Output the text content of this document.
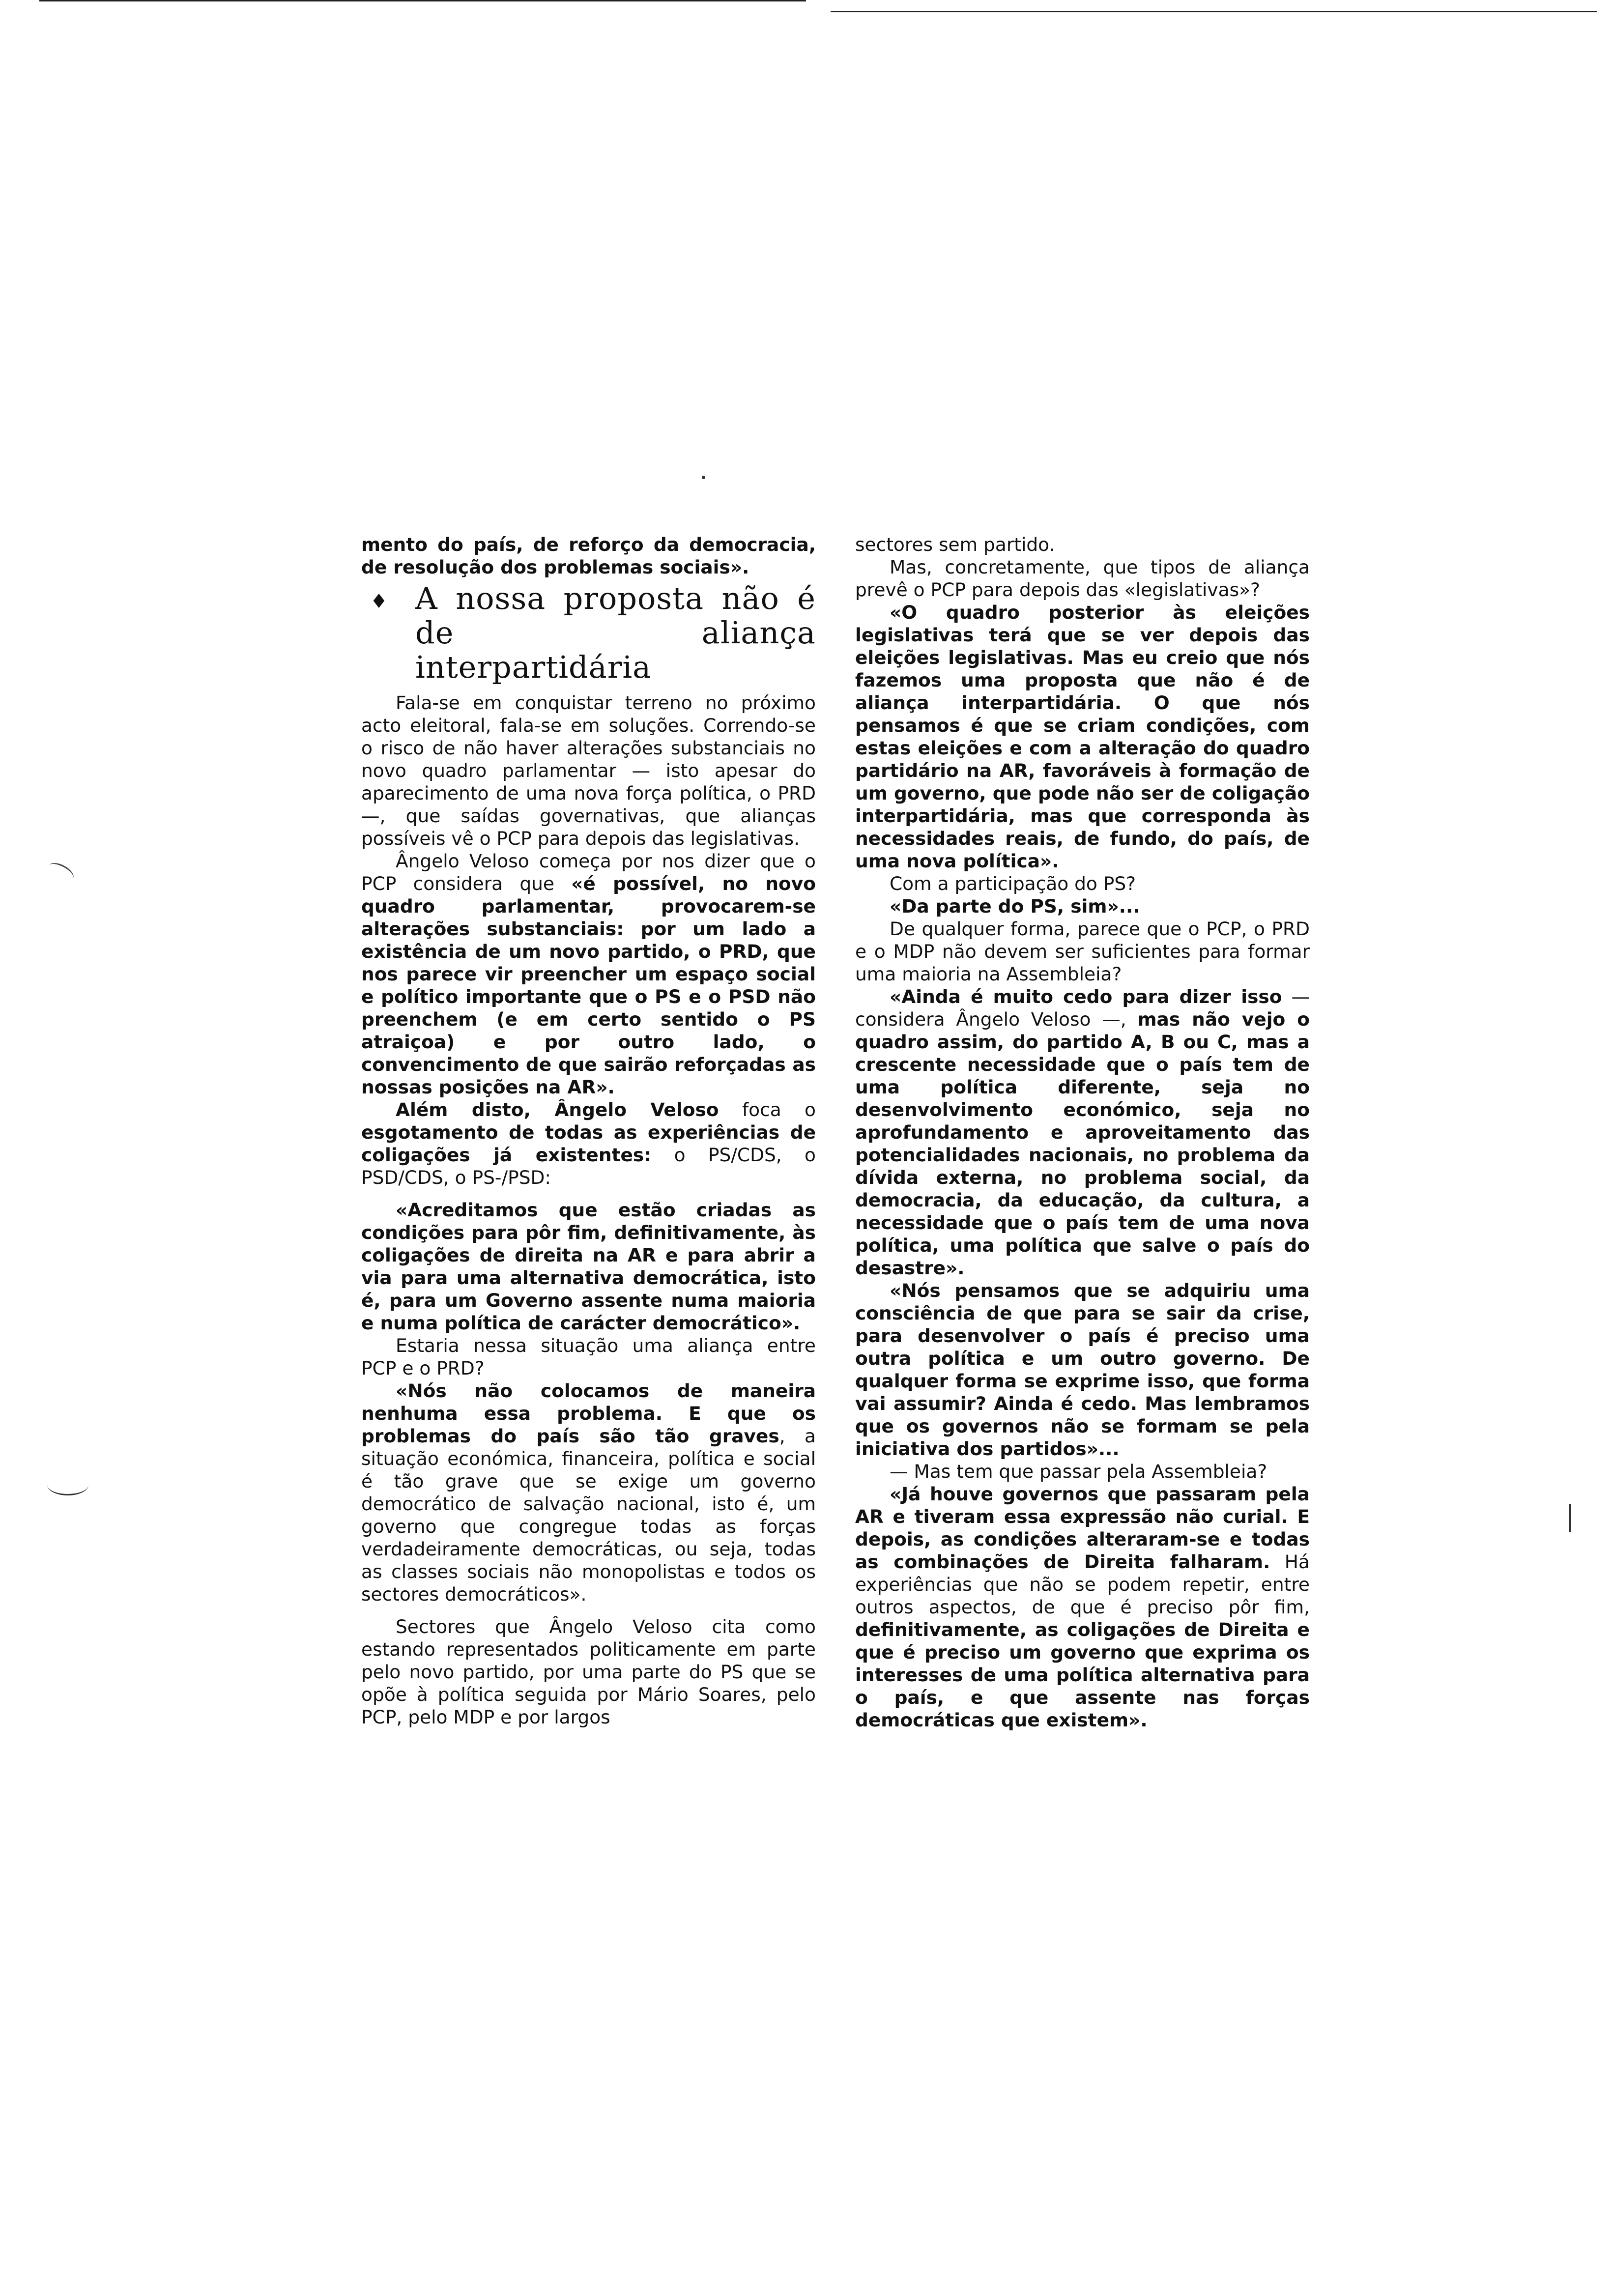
mento do país, de reforço da democracia, de resolução dos problemas sociais».

♦ A nossa proposta não é de aliança interpartidária

Fala-se em conquistar terreno no próximo acto eleitoral, fala-se em soluções. Correndo-se o risco de não haver alterações substanciais no novo quadro parlamentar — isto apesar do aparecimento de uma nova força política, o PRD —, que saídas governativas, que alianças possíveis vê o PCP para depois das legislativas.

Ângelo Veloso começa por nos dizer que o PCP considera que «é possível, no novo quadro parlamentar, provocarem-se alterações substanciais: por um lado a existência de um novo partido, o PRD, que nos parece vir preencher um espaço social e político importante que o PS e o PSD não preenchem (e em certo sentido o PS atraiçoa) e por outro lado, o convencimento de que sairão reforçadas as nossas posições na AR».

Além disto, Ângelo Veloso foca o esgotamento de todas as experiências de coligações já existentes: o PS/CDS, o PSD/CDS, o PS-/PSD:

«Acreditamos que estão criadas as condições para pôr fim, definitivamente, às coligações de direita na AR e para abrir a via para uma alternativa democrática, isto é, para um Governo assente numa maioria e numa política de carácter democrático».

Estaria nessa situação uma aliança entre PCP e o PRD?

«Nós não colocamos de maneira nenhuma essa problema. E que os problemas do país são tão graves, a situação económica, financeira, política e social é tão grave que se exige um governo democrático de salvação nacional, isto é, um governo que congregue todas as forças verdadeiramente democráticas, ou seja, todas as classes sociais não monopolistas e todos os sectores democráticos».

Sectores que Ângelo Veloso cita como estando representados politicamente em parte pelo novo partido, por uma parte do PS que se opõe à política seguida por Mário Soares, pelo PCP, pelo MDP e por largos

sectores sem partido.

Mas, concretamente, que tipos de aliança prevê o PCP para depois das «legislativas»?

«O quadro posterior às eleições legislativas terá que se ver depois das eleições legislativas. Mas eu creio que nós fazemos uma proposta que não é de aliança interpartidária. O que nós pensamos é que se criam condições, com estas eleições e com a alteração do quadro partidário na AR, favoráveis à formação de um governo, que pode não ser de coligação interpartidária, mas que corresponda às necessidades reais, de fundo, do país, de uma nova política».

Com a participação do PS?

«Da parte do PS, sim»...

De qualquer forma, parece que o PCP, o PRD e o MDP não devem ser suficientes para formar uma maioria na Assembleia?

«Ainda é muito cedo para dizer isso — considera Ângelo Veloso —, mas não vejo o quadro assim, do partido A, B ou C, mas a crescente necessidade que o país tem de uma política diferente, seja no desenvolvimento económico, seja no aprofundamento e aproveitamento das potencialidades nacionais, no problema da dívida externa, no problema social, da democracia, da educação, da cultura, a necessidade que o país tem de uma nova política, uma política que salve o país do desastre».

«Nós pensamos que se adquiriu uma consciência de que para se sair da crise, para desenvolver o país é preciso uma outra política e um outro governo. De qualquer forma se exprime isso, que forma vai assumir? Ainda é cedo. Mas lembramos que os governos não se formam se pela iniciativa dos partidos»...

— Mas tem que passar pela Assembleia?

«Já houve governos que passaram pela AR e tiveram essa expressão não curial. E depois, as condições alteraram-se e todas as combinações de Direita falharam. Há experiências que não se podem repetir, entre outros aspectos, de que é preciso pôr fim, definitivamente, as coligações de Direita e que é preciso um governo que exprima os interesses de uma política alternativa para o país, e que assente nas forças democráticas que existem».
